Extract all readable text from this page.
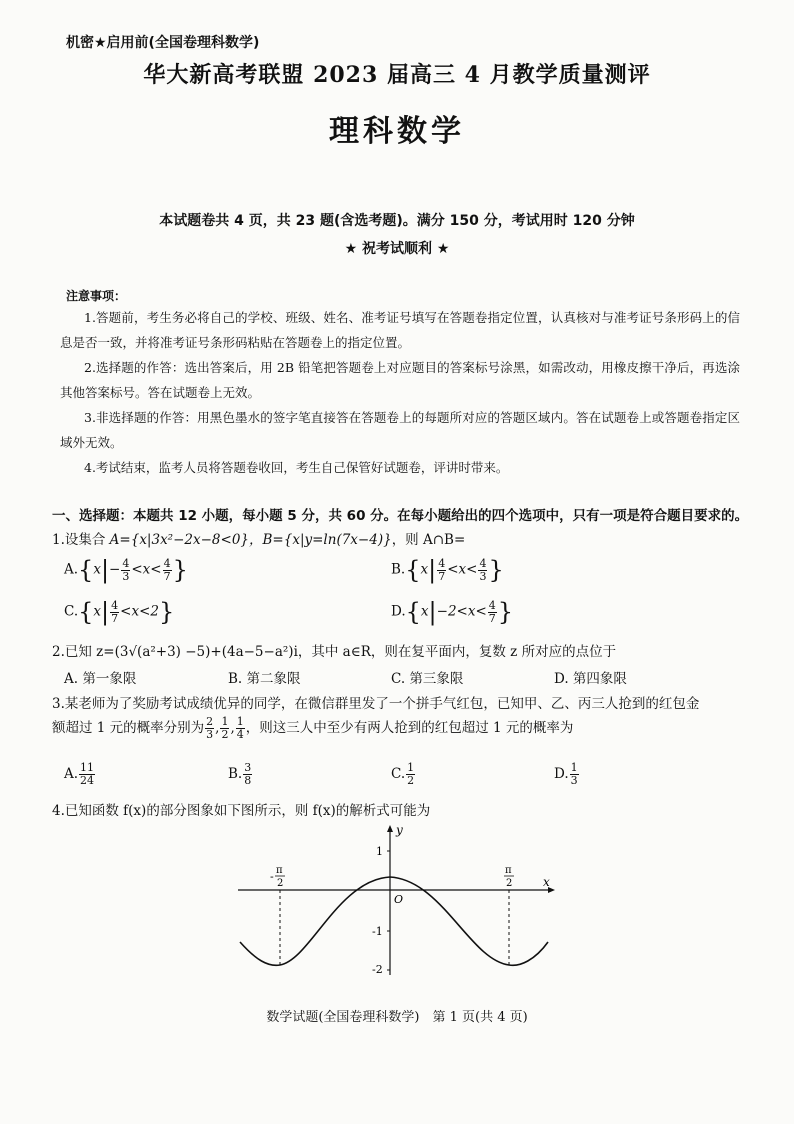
机密★启用前(全国卷理科数学)
华大新高考联盟 2023 届高三 4 月教学质量测评
理科数学
本试题卷共 4 页，共 23 题(含选考题)。满分 150 分，考试用时 120 分钟
★ 祝考试顺利 ★
注意事项：

1.答题前，考生务必将自己的学校、班级、姓名、准考证号填写在答题卷指定位置，认真核对与准考证号条形码上的信息是否一致，并将准考证号条形码粘贴在答题卷上的指定位置。

2.选择题的作答：选出答案后，用 2B 铅笔把答题卷上对应题目的答案标号涂黑，如需改动，用橡皮擦干净后，再选涂其他答案标号。答在试题卷上无效。

3.非选择题的作答：用黑色墨水的签字笔直接答在答题卷上的每题所对应的答题区域内。答在试题卷上或答题卷指定区域外无效。

4.考试结束，监考人员将答题卷收回，考生自己保管好试题卷，评讲时带来。

一、选择题：本题共 12 小题，每小题 5 分，共 60 分。在每小题给出的四个选项中，只有一项是符合题目要求的。
1.设集合 A={x|3x²−2x−8<0}，B={x|y=ln(7x−4)}，则 A∩B=
$A.\{x|- \frac{4}{3} <x< \frac{4}{7}$ }	$B.\{x| \frac{4}{7} <x< \frac{4}{3}$ }
$C.\{x| \frac{4}{7} <x<2\}$	$D.\{x|-2<x< \frac{4}{7}$ }
2.已知 z=(3√(a²+3) −5)+(4a−5−a²)i，其中 a∈R，则在复平面内，复数 z 所对应的点位于
A. 第一象限	B. 第二象限	C. 第三象限	D. 第四象限
3.某老师为了奖励考试成绩优异的同学，在微信群里发了一个拼手气红包，已知甲、乙、丙三人抢到的红包金
额超过 1 元的概率分别为 $\frac{2}{3}$ , $\frac{1}{2}$ , $\frac{1}{4}$ ，则这三人中至少有两人抢到的红包超过 1 元的概率为
A. $\frac{11}{24}$	B. $\frac{3}{8}$	C. $\frac{1}{2}$	D. $\frac{1}{3}$
4.已知函数 f(x)的部分图象如下图所示，则 f(x)的解析式可能为
y
x
O
1
-1
-2
- π
2
π
2
数学试题(全国卷理科数学)　第 1 页(共 4 页)
